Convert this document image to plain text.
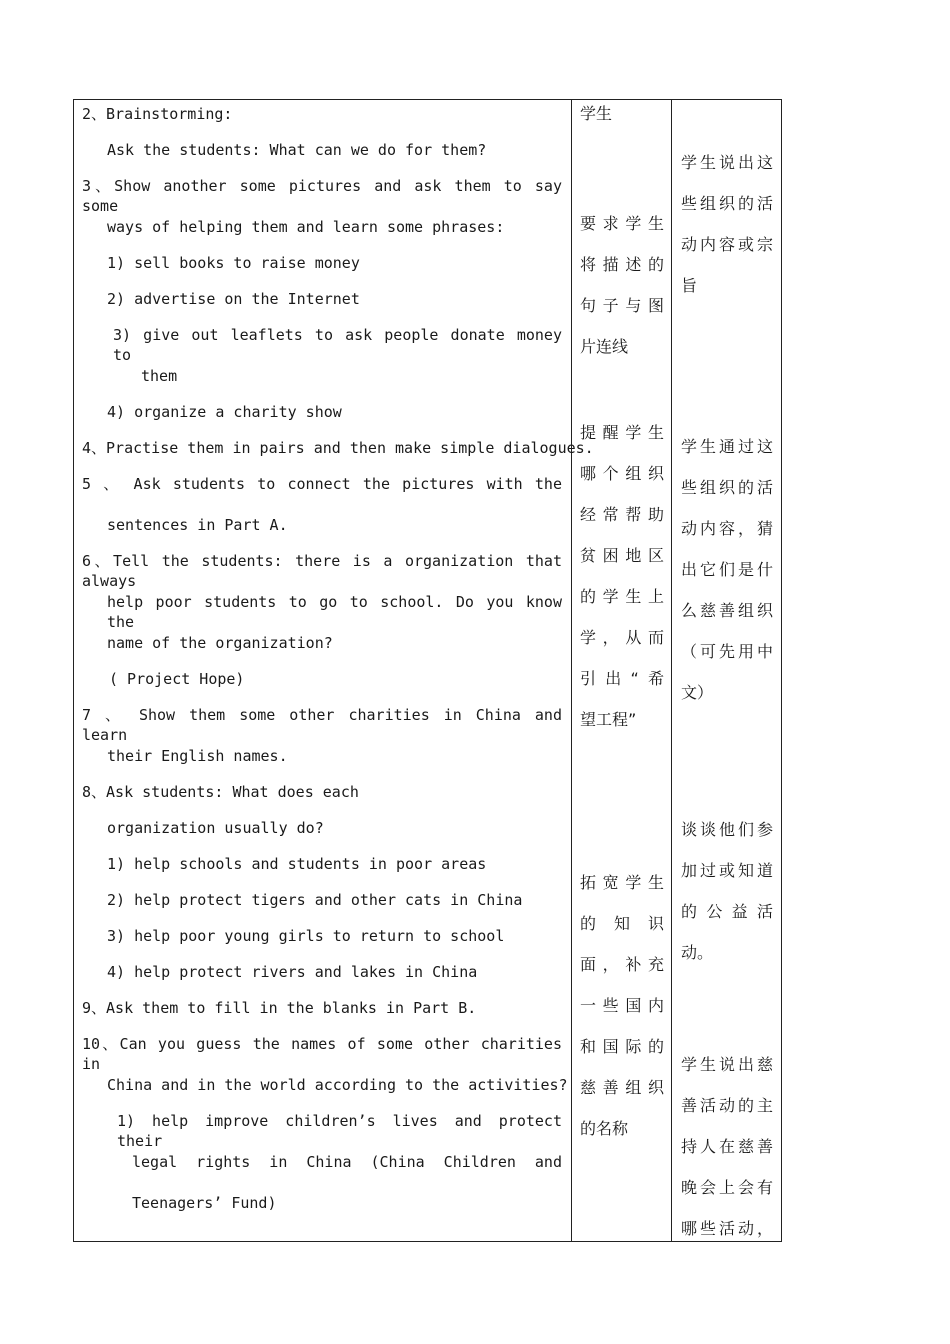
2、Brainstorming:
Ask the students: What can we do for them?
3、Show another some pictures and ask them to say some
ways of helping them and learn some phrases:
1) sell books to raise money
2) advertise on the Internet
3) give out leaflets to ask people donate money to
them
4) organize a charity show
4、Practise them in pairs and then make simple dialogues.
5 、 Ask students to connect the pictures with the
sentences in Part A.
6、Tell the students: there is a organization that always
help poor students to go to school. Do you know the
name of the organization?
( Project Hope)
7 、 Show them some other charities in China and learn
their English names.
8、Ask students: What does each
organization usually do?
1) help schools and students in poor areas
2) help protect tigers and other cats in China
3) help poor young girls to return to school
4) help protect rivers and lakes in China
9、Ask them to fill in the blanks in Part B.
10、Can you guess the names of some other charities in
China and in the world according to the activities?
1) help improve children’s lives and protect their
legal rights in China (China Children and
Teenagers’ Fund)

学生
要 求 学 生
将 描 述 的
句 子 与 图
片连线
提 醒 学 生
哪 个 组 织
经 常 帮 助
贫 困 地 区
的 学 生 上
学 ， 从 而
引 出 “ 希
望工程”
拓 宽 学 生
的 知 识
面 ， 补 充
一 些 国 内
和 国 际 的
慈 善 组 织
的名称

学 生 说 出 这
些 组 织 的 活
动 内 容 或 宗
旨
学 生 通 过 这
些 组 织 的 活
动 内 容 ， 猜
出 它 们 是 什
么 慈 善 组 织
（ 可 先 用 中
文）
谈 谈 他 们 参
加 过 或 知 道
的 公 益 活
动。
学 生 说 出 慈
善 活 动 的 主
持 人 在 慈 善
晚 会 上 会 有
哪 些 活 动 ，
